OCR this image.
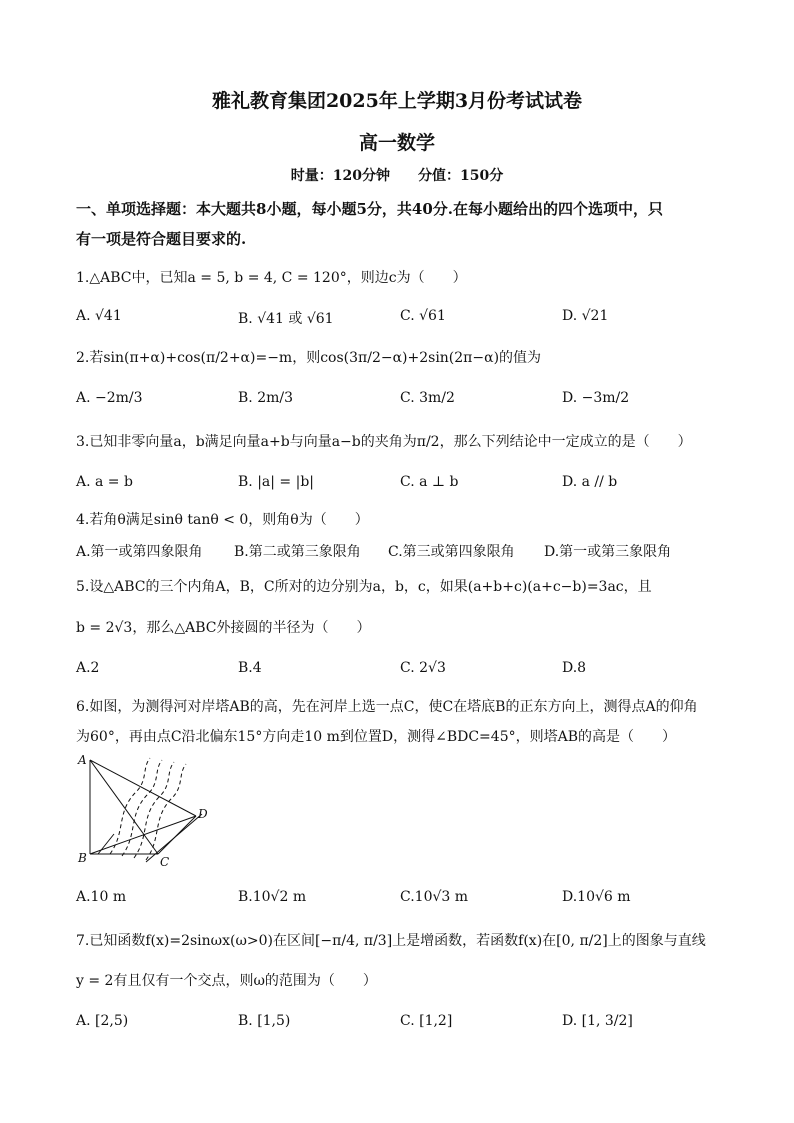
雅礼教育集团2025年上学期3月份考试试卷
高一数学
时量：120分钟 分值：150分
一、单项选择题：本大题共8小题，每小题5分，共40分.在每小题给出的四个选项中，只
有一项是符合题目要求的.
1.△ABC中，已知a = 5, b = 4, C = 120°，则边c为（　　）
A. √41	B. √41 或 √61	C. √61	D. √21
2.若sin(π+α)+cos(π/2+α)=−m，则cos(3π/2−α)+2sin(2π−α)的值为
A. −2m/3	B. 2m/3	C. 3m/2	D. −3m/2
3.已知非零向量a，b满足向量a+b与向量a−b的夹角为π/2，那么下列结论中一定成立的是（　　）
A. a = b	B. |a| = |b|	C. a ⊥ b	D. a // b
4.若角θ满足sinθ tanθ < 0，则角θ为（　　）
A.第一或第四象限角 B.第二或第三象限角 C.第三或第四象限角 D.第一或第三象限角
5.设△ABC的三个内角A，B，C所对的边分别为a，b，c，如果(a+b+c)(a+c−b)=3ac，且
b = 2√3，那么△ABC外接圆的半径为（　　）
A.2	B.4	C. 2√3	D.8
6.如图，为测得河对岸塔AB的高，先在河岸上选一点C，使C在塔底B的正东方向上，测得点A的仰角
为60°，再由点C沿北偏东15°方向走10 m到位置D，测得∠BDC=45°，则塔AB的高是（　　）
A
B	C
D
A.10 m	B.10√2 m	C.10√3 m	D.10√6 m
7.已知函数f(x)=2sinωx(ω>0)在区间[−π/4, π/3]上是增函数，若函数f(x)在[0, π/2]上的图象与直线
y = 2有且仅有一个交点，则ω的范围为（　　）
A. [2,5)	B. [1,5)	C. [1,2]	D. [1, 3/2]
